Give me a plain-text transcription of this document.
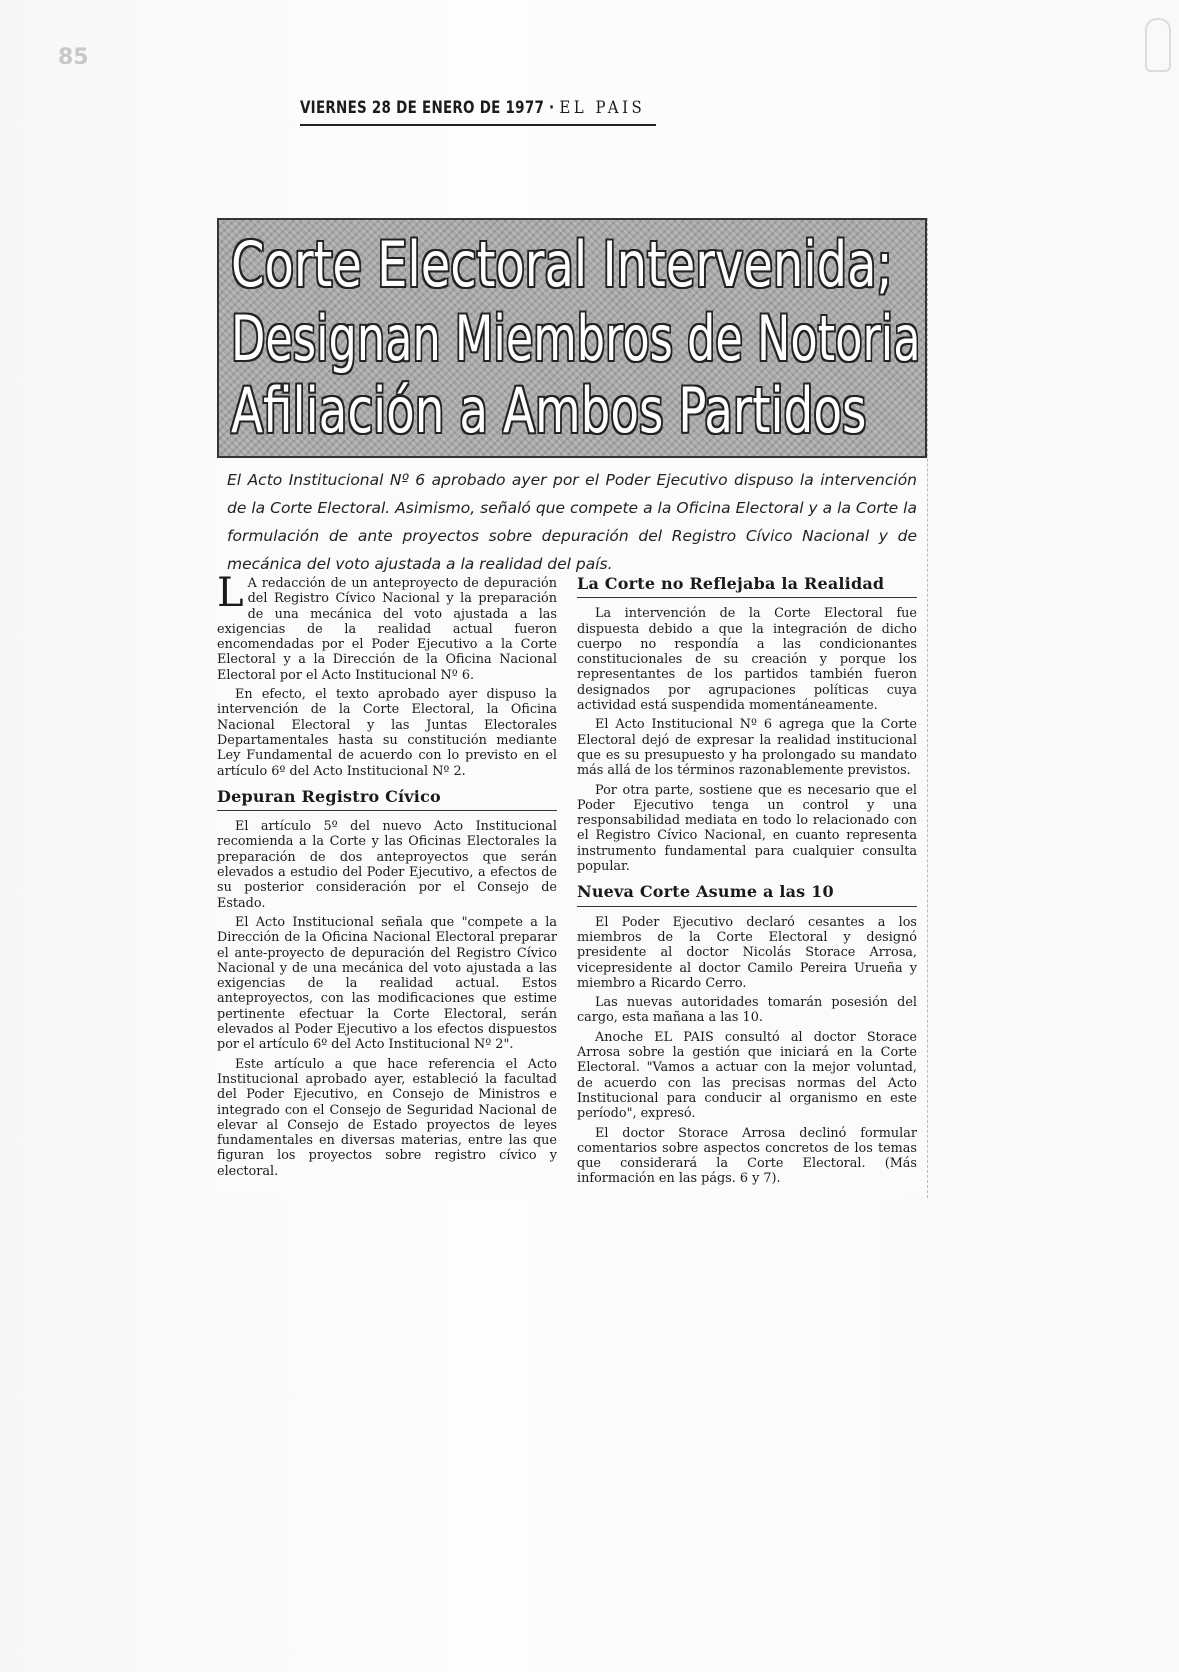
85
VIERNES 28 DE ENERO DE 1977 · EL PAIS
Corte Electoral Intervenida;
Designan Miembros de Notoria
Afiliación a Ambos Partidos
El Acto Institucional Nº 6 aprobado ayer por el Poder Ejecutivo dispuso la intervención de la Corte Electoral. Asimismo, señaló que compete a la Oficina Electoral y a la Corte la formulación de ante proyectos sobre depuración del Registro Cívico Nacional y de mecánica del voto ajustada a la realidad del país.

L A redacción de un anteproyecto de depuración del Registro Cívico Nacional y la preparación de una mecánica del voto ajustada a las exigencias de la realidad actual fueron encomendadas por el Poder Ejecutivo a la Corte Electoral y a la Dirección de la Oficina Nacional Electoral por el Acto Institucional Nº 6.

En efecto, el texto aprobado ayer dispuso la intervención de la Corte Electoral, la Oficina Nacional Electoral y las Juntas Electorales Departamentales hasta su constitución mediante Ley Fundamental de acuerdo con lo previsto en el artículo 6º del Acto Institucional Nº 2.

Depuran Registro Cívico

El artículo 5º del nuevo Acto Institucional recomienda a la Corte y las Oficinas Electorales la preparación de dos anteproyectos que serán elevados a estudio del Poder Ejecutivo, a efectos de su posterior consideración por el Consejo de Estado.

El Acto Institucional señala que "compete a la Dirección de la Oficina Nacional Electoral preparar el ante-proyecto de depuración del Registro Cívico Nacional y de una mecánica del voto ajustada a las exigencias de la realidad actual. Estos anteproyectos, con las modificaciones que estime pertinente efectuar la Corte Electoral, serán elevados al Poder Ejecutivo a los efectos dispuestos por el artículo 6º del Acto Institucional Nº 2".

Este artículo a que hace referencia el Acto Institucional aprobado ayer, estableció la facultad del Poder Ejecutivo, en Consejo de Ministros e integrado con el Consejo de Seguridad Nacional de elevar al Consejo de Estado proyectos de leyes fundamentales en diversas materias, entre las que figuran los proyectos sobre registro cívico y electoral.

La Corte no Reflejaba la Realidad

La intervención de la Corte Electoral fue dispuesta debido a que la integración de dicho cuerpo no respondía a las condicionantes constitucionales de su creación y porque los representantes de los partidos también fueron designados por agrupaciones políticas cuya actividad está suspendida momentáneamente.

El Acto Institucional Nº 6 agrega que la Corte Electoral dejó de expresar la realidad institucional que es su presupuesto y ha prolongado su mandato más allá de los términos razonablemente previstos.

Por otra parte, sostiene que es necesario que el Poder Ejecutivo tenga un control y una responsabilidad mediata en todo lo relacionado con el Registro Cívico Nacional, en cuanto representa instrumento fundamental para cualquier consulta popular.

Nueva Corte Asume a las 10

El Poder Ejecutivo declaró cesantes a los miembros de la Corte Electoral y designó presidente al doctor Nicolás Storace Arrosa, vicepresidente al doctor Camilo Pereira Urueña y miembro a Ricardo Cerro.

Las nuevas autoridades tomarán posesión del cargo, esta mañana a las 10.

Anoche EL PAIS consultó al doctor Storace Arrosa sobre la gestión que iniciará en la Corte Electoral. "Vamos a actuar con la mejor voluntad, de acuerdo con las precisas normas del Acto Institucional para conducir al organismo en este período", expresó.

El doctor Storace Arrosa declinó formular comentarios sobre aspectos concretos de los temas que considerará la Corte Electoral. (Más información en las págs. 6 y 7).
